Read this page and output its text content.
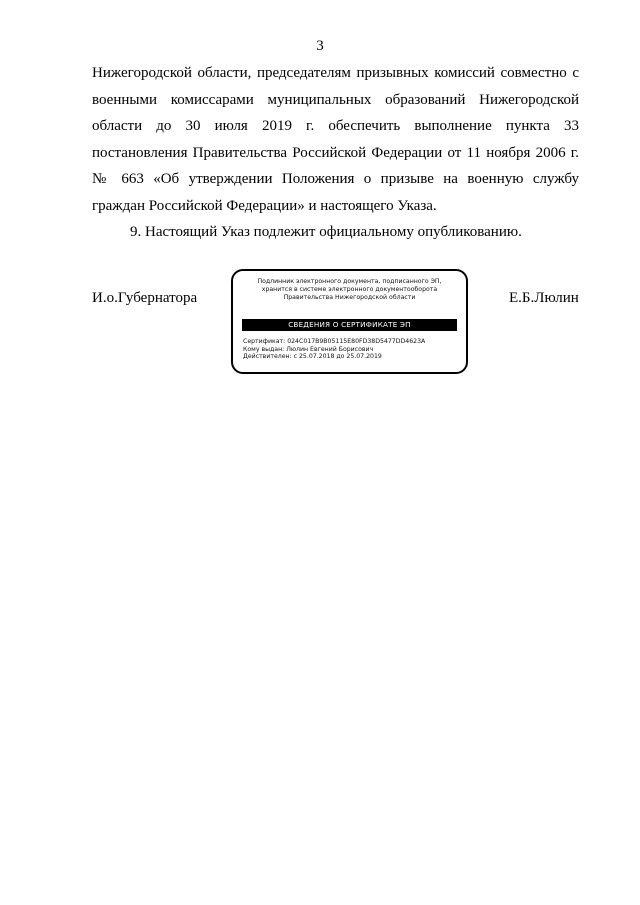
3

Нижегородской области, председателям призывных комиссий совместно с военными комиссарами муниципальных образований Нижегородской области до 30 июля 2019 г. обеспечить выполнение пункта 33 постановления Правительства Российской Федерации от 11 ноября 2006 г. № 663 «Об утверждении Положения о призыве на военную службу граждан Российской Федерации» и настоящего Указа.

9. Настоящий Указ подлежит официальному опубликованию.

И.о.Губернатора
Подлинник электронного документа, подписанного ЭП,
хранится в системе электронного документооборота
Правительства Нижегородской области
СВЕДЕНИЯ О СЕРТИФИКАТЕ ЭП
Сертификат: 024C017B9B05115E80FD38D5477DD4623A
Кому выдан: Люлин Евгений Борисович
Действителен: с 25.07.2018 до 25.07.2019
Е.Б.Люлин
